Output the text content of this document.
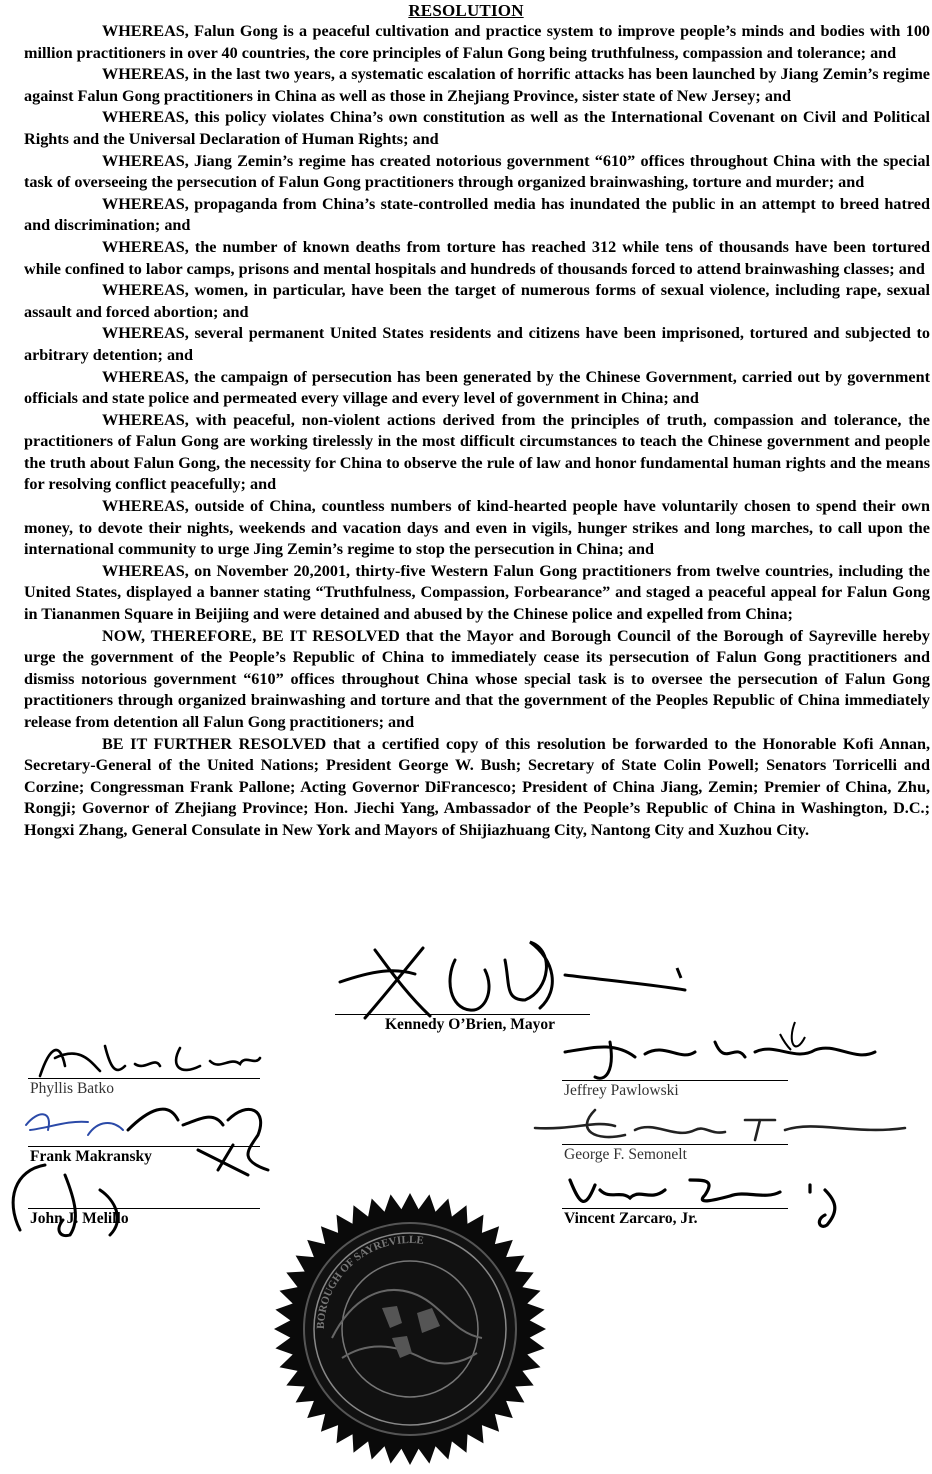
RESOLUTION

WHEREAS, Falun Gong is a peaceful cultivation and practice system to improve people’s minds and bodies with 100 million practitioners in over 40 countries, the core principles of Falun Gong being truthfulness, compassion and tolerance; and

WHEREAS, in the last two years, a systematic escalation of horrific attacks has been launched by Jiang Zemin’s regime against Falun Gong practitioners in China as well as those in Zhejiang Province, sister state of New Jersey; and

WHEREAS, this policy violates China’s own constitution as well as the International Covenant on Civil and Political Rights and the Universal Declaration of Human Rights; and

WHEREAS, Jiang Zemin’s regime has created notorious government “610” offices throughout China with the special task of overseeing the persecution of Falun Gong practitioners through organized brainwashing, torture and murder; and

WHEREAS, propaganda from China’s state-controlled media has inundated the public in an attempt to breed hatred and discrimination; and

WHEREAS, the number of known deaths from torture has reached 312 while tens of thousands have been tortured while confined to labor camps, prisons and mental hospitals and hundreds of thousands forced to attend brainwashing classes; and

WHEREAS, women, in particular, have been the target of numerous forms of sexual violence, including rape, sexual assault and forced abortion; and

WHEREAS, several permanent United States residents and citizens have been imprisoned, tortured and subjected to arbitrary detention; and

WHEREAS, the campaign of persecution has been generated by the Chinese Government, carried out by government officials and state police and permeated every village and every level of government in China; and

WHEREAS, with peaceful, non-violent actions derived from the principles of truth, compassion and tolerance, the practitioners of Falun Gong are working tirelessly in the most difficult circumstances to teach the Chinese government and people the truth about Falun Gong, the necessity for China to observe the rule of law and honor fundamental human rights and the means for resolving conflict peacefully; and

WHEREAS, outside of China, countless numbers of kind-hearted people have voluntarily chosen to spend their own money, to devote their nights, weekends and vacation days and even in vigils, hunger strikes and long marches, to call upon the international community to urge Jing Zemin’s regime to stop the persecution in China; and

WHEREAS, on November 20,2001, thirty-five Western Falun Gong practitioners from twelve countries, including the United States, displayed a banner stating “Truthfulness, Compassion, Forbearance” and staged a peaceful appeal for Falun Gong in Tiananmen Square in Beijiing and were detained and abused by the Chinese police and expelled from China;

NOW, THEREFORE, BE IT RESOLVED that the Mayor and Borough Council of the Borough of Sayreville hereby urge the government of the People’s Republic of China to immediately cease its persecution of Falun Gong practitioners and dismiss notorious government “610” offices throughout China whose special task is to oversee the persecution of Falun Gong practitioners through organized brainwashing and torture and that the government of the Peoples Republic of China immediately release from detention all Falun Gong practitioners; and

BE IT FURTHER RESOLVED that a certified copy of this resolution be forwarded to the Honorable Kofi Annan, Secretary-General of the United Nations; President George W. Bush; Secretary of State Colin Powell; Senators Torricelli and Corzine; Congressman Frank Pallone; Acting Governor DiFrancesco; President of China Jiang, Zemin; Premier of China, Zhu, Rongji; Governor of Zhejiang Province; Hon. Jiechi Yang, Ambassador of the People’s Republic of China in Washington, D.C.; Hongxi Zhang, General Consulate in New York and Mayors of Shijiazhuang City, Nantong City and Xuzhou City.

Kennedy O’Brien, Mayor
Phyllis Batko
Frank Makransky
John J. Melillo
Jeffrey Pawlowski
George F. Semonelt
Vincent Zarcaro, Jr.
BOROUGH OF SAYREVILLE
